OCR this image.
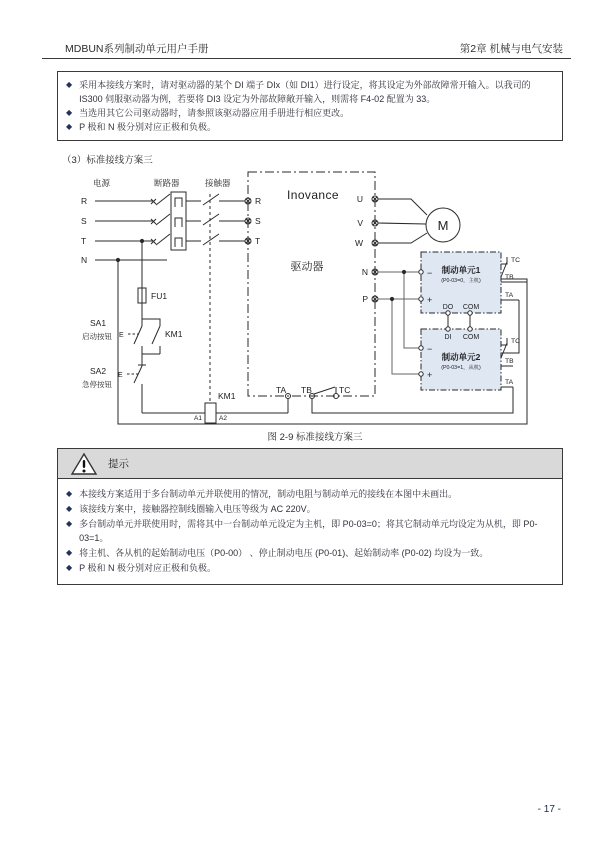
MDBUN系列制动单元用户手册	第2章 机械与电气安装
◆ 采用本接线方案时，请对驱动器的某个 DI 端子 DIx（如 DI1）进行设定，将其设定为外部故障常开输入。以我司的 IS300 伺服驱动器为例，若要将 DI3 设定为外部故障敞开输入，则需将 F4-02 配置为 33。
◆ 当选用其它公司驱动器时，请参照该驱动器应用手册进行相应更改。
◆ P 极和 N 极分别对应正极和负极。
（3）标准接线方案三
电源	断路器	接触器
R
S
T
N
R
S
T
FU1
SA1
启动按钮 E	KM1
SA2
急停按钮
E
KM1
A1	A2
TA TB	TC
U
V
W
N
P
Inovance
驱动器
M
制动单元1
(P0-03=0，主机)
制动单元2
(P0-03=1，从机)
−
+
−
+
DO COM
DI COM
TC
TB
TA
TC
TB
TA
图 2-9 标准接线方案三
提示
◆ 本接线方案适用于多台制动单元并联使用的情况，制动电阻与制动单元的接线在本图中未画出。
◆ 该接线方案中，接触器控制线圈输入电压等级为 AC 220V。
◆ 多台制动单元并联使用时，需将其中一台制动单元设定为主机，即 P0-03=0；将其它制动单元均设定为从机，即 P0-03=1。
◆ 将主机、各从机的起始制动电压（P0-00） 、停止制动电压 (P0-01)、起始制动率 (P0-02) 均设为一致。
◆ P 极和 N 极分别对应正极和负极。
- 17 -
